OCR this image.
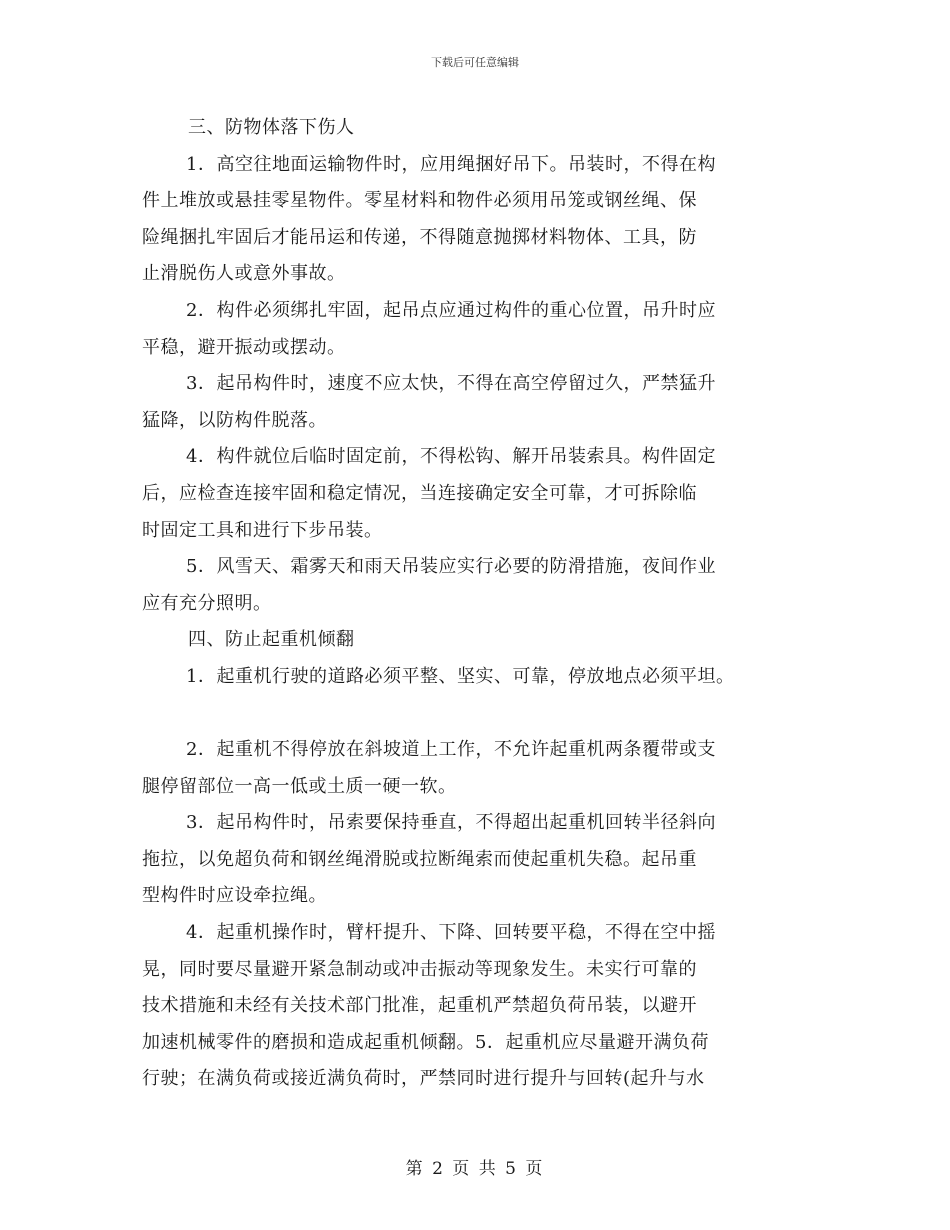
下载后可任意编辑
三、防物体落下伤人
1．高空往地面运输物件时，应用绳捆好吊下。吊装时，不得在构
件上堆放或悬挂零星物件。零星材料和物件必须用吊笼或钢丝绳、保
险绳捆扎牢固后才能吊运和传递，不得随意抛掷材料物体、工具，防
止滑脱伤人或意外事故。
2．构件必须绑扎牢固，起吊点应通过构件的重心位置，吊升时应
平稳，避开振动或摆动。
3．起吊构件时，速度不应太快，不得在高空停留过久，严禁猛升
猛降，以防构件脱落。
4．构件就位后临时固定前，不得松钩、解开吊装索具。构件固定
后，应检查连接牢固和稳定情况，当连接确定安全可靠，才可拆除临
时固定工具和进行下步吊装。
5．风雪天、霜雾天和雨天吊装应实行必要的防滑措施，夜间作业
应有充分照明。
四、防止起重机倾翻
1．起重机行驶的道路必须平整、坚实、可靠，停放地点必须平坦。
2．起重机不得停放在斜坡道上工作，不允许起重机两条覆带或支
腿停留部位一高一低或土质一硬一软。
3．起吊构件时，吊索要保持垂直，不得超出起重机回转半径斜向
拖拉，以免超负荷和钢丝绳滑脱或拉断绳索而使起重机失稳。起吊重
型构件时应设牵拉绳。
4．起重机操作时，臂杆提升、下降、回转要平稳，不得在空中摇
晃，同时要尽量避开紧急制动或冲击振动等现象发生。未实行可靠的
技术措施和未经有关技术部门批准，起重机严禁超负荷吊装，以避开
加速机械零件的磨损和造成起重机倾翻。5．起重机应尽量避开满负荷
行驶；在满负荷或接近满负荷时，严禁同时进行提升与回转(起升与水
第 2 页 共 5 页
